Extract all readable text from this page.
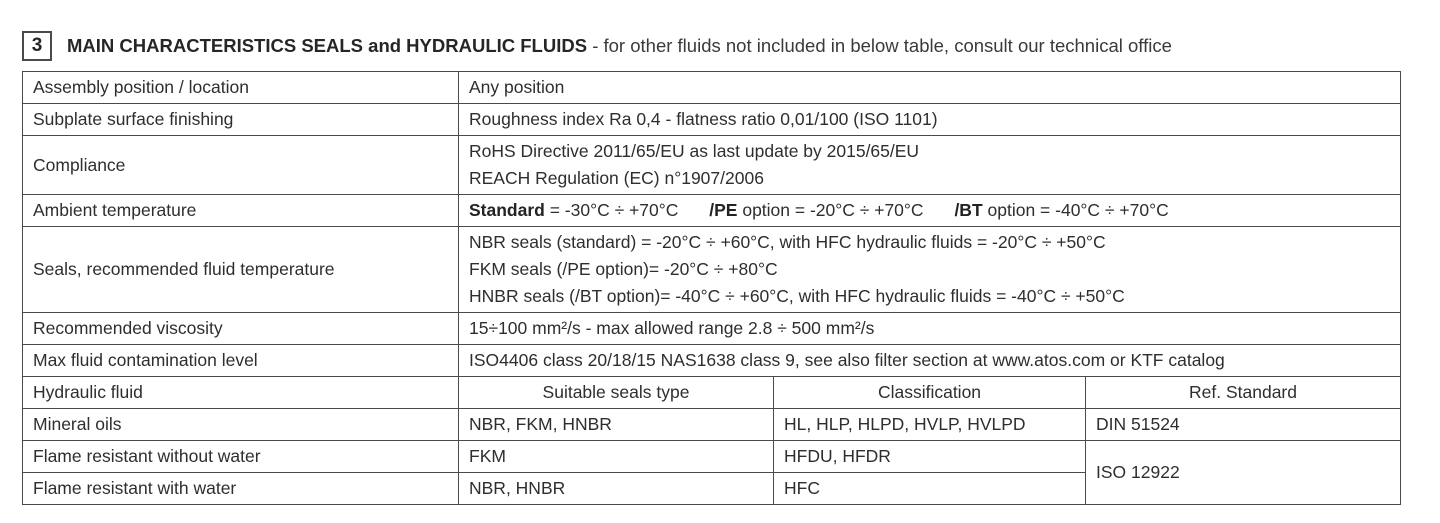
3	MAIN CHARACTERISTICS SEALS and HYDRAULIC FLUIDS - for other fluids not included in below table, consult our technical office
Assembly position / location	Any position		
Subplate surface finishing	Roughness index Ra 0,4 - flatness ratio 0,01/100 (ISO 1101)		
Compliance	RoHS Directive 2011/65/EU as last update by 2015/65/EU
REACH Regulation (EC) n°1907/2006		

Ambient temperature	Standard = -30°C ÷ +70°C /PE option = -20°C ÷ +70°C /BT option = -40°C ÷ +70°C		
Seals, recommended fluid temperature	NBR seals (standard) = -20°C ÷ +60°C, with HFC hydraulic fluids = -20°C ÷ +50°C
FKM seals (/PE option)= -20°C ÷ +80°C
HNBR seals (/BT option)= -40°C ÷ +60°C, with HFC hydraulic fluids = -40°C ÷ +50°C		

Recommended viscosity	15÷100 mm²/s - max allowed range 2.8 ÷ 500 mm²/s		
Max fluid contamination level	ISO4406 class 20/18/15 NAS1638 class 9, see also filter section at www.atos.com or KTF catalog		
Hydraulic fluid	Suitable seals type	Classification	Ref. Standard
Mineral oils	NBR, FKM, HNBR	HL, HLP, HLPD, HVLP, HVLPD	DIN 51524
Flame resistant without water	FKM	HFDU, HFDR	ISO 12922
Flame resistant with water	NBR, HNBR	HFC	
